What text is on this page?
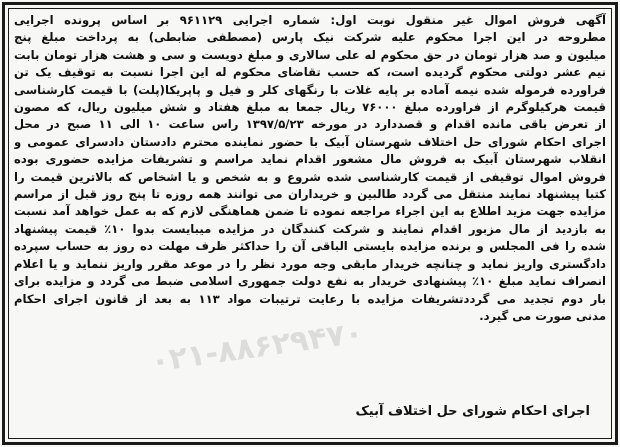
آگهی فروش اموال غیر منقول نوبت اول: شماره اجرایی ۹۶۱۱۲۹ بر اساس پرونده اجرایی
مطروحه در این اجرا محکوم علیه شرکت نیک پارس (مصطفی ضابطی) به پرداخت مبلغ پنج
میلیون و صد هزار تومان در حق محکوم له علی سالاری و مبلغ دویست و سی و هشت هزار تومان بابت
نیم عشر دولتی محکوم گردیده است، که حسب تقاضای محکوم له این اجرا نسبت به توقیف یک تن
فراورده فرموله شده نیمه آماده بر پایه غلات با رنگهای کلر و فیل و پاپریکا(پلت) با قیمت کارشناسی
قیمت هرکیلوگرم از فراورده مبلغ ۷۶۰۰۰ ریال جمعا به مبلغ هفتاد و شش میلیون ریال، که مصون
از تعرض باقی مانده اقدام و قصددارد در مورخه ۱۳۹۷/۵/۲۳ راس ساعت ۱۰ الی ۱۱ صبح در محل
اجرای احکام شورای حل اختلاف شهرستان آبیک با حضور نماینده محترم دادستان دادسرای عمومی و
انقلاب شهرستان آبیک به فروش مال مشعور اقدام نماید مراسم و تشریفات مزایده حضوری بوده
فروش اموال توقیفی از قیمت کارشناسی شده شروع و به شخص و یا اشخاص که بالاترین قیمت را
کتبا پیشنهاد نمایند منتقل می گردد طالبین و خریداران می توانند همه روزه تا پنج روز قبل از مراسم
مزایده جهت مزید اطلاع به این اجراء مراجعه نموده تا ضمن هماهنگی لازم که به عمل خواهد آمد نسبت
به بازدید از مال مزبور اقدام نمایند و شرکت کنندگان در مزایده میبایست بدوا ۱۰٪ قیمت پیشنهاد
شده را فی المجلس و برنده مزایده بایستی الباقی آن را حداکثر ظرف مهلت ده روز به حساب سپرده
دادگستری واریز نماید و چنانچه خریدار مابقی وجه مورد نظر را در موعد مقرر واریز ننماید و یا اعلام
انصراف نماید مبلغ ۱۰٪ پیشنهادی خریدار به نفع دولت جمهوری اسلامی ضبط می گردد و مزایده برای
بار دوم تجدید می گرددتشریفات مزایده با رعایت ترتیبات مواد ۱۱۳ به بعد از قانون اجرای احکام
مدنی صورت می گیرد.
۰۲۱-۸۸۶۲۹۴۷۰
اجرای احکام شورای حل اختلاف آبیک
